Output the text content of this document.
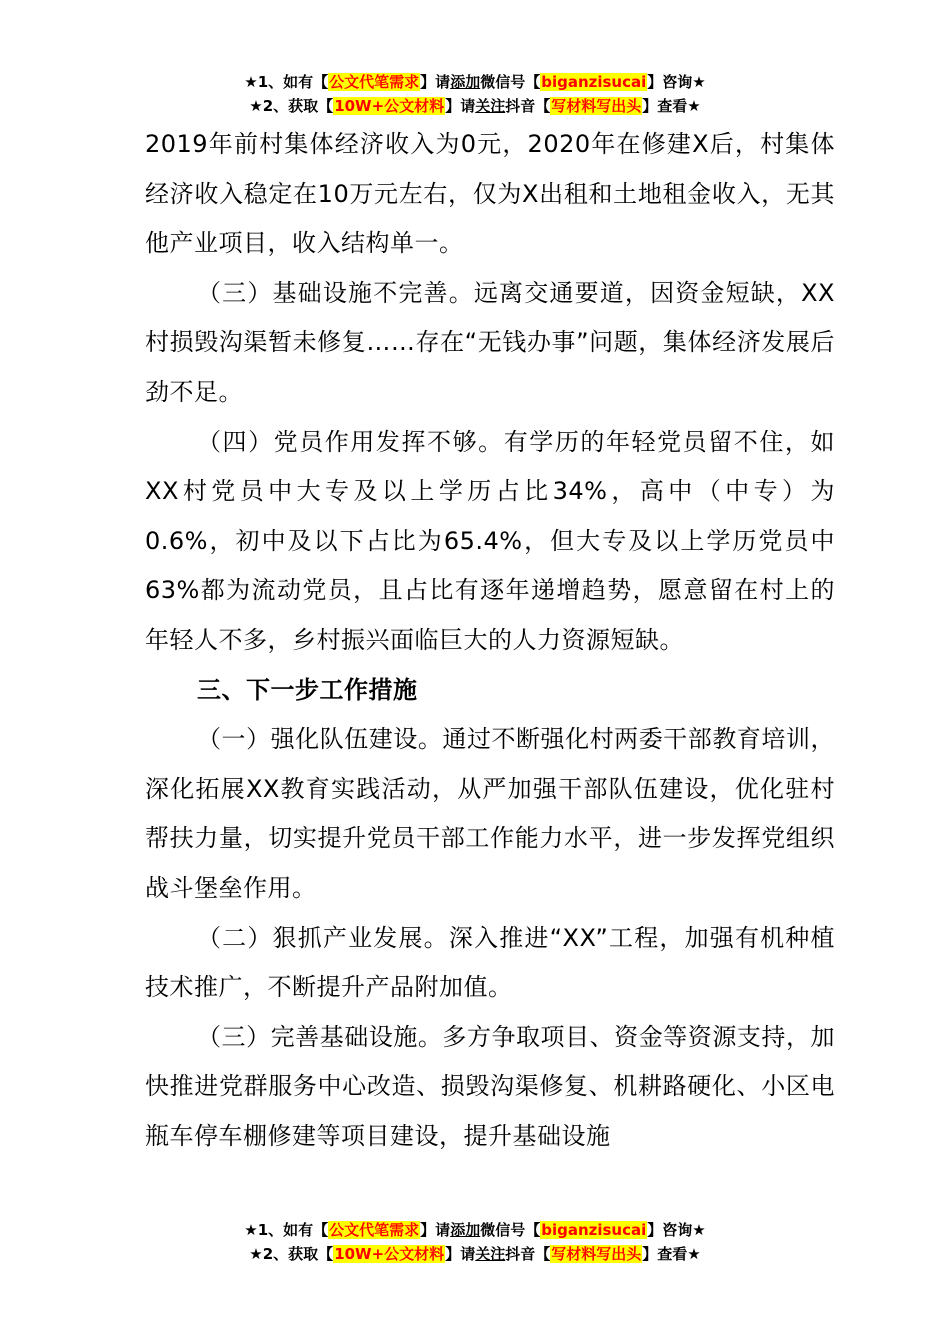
★1、如有【公文代笔需求】请添加微信号【biganzisucai】咨询★
★2、获取【10W+公文材料】请关注抖音【写材料写出头】查看★

2019年前村集体经济收入为0元，2020年在修建X后，村集体经济收入稳定在10万元左右，仅为X出租和土地租金收入，无其他产业项目，收入结构单一。

（三）基础设施不完善。远离交通要道，因资金短缺，XX村损毁沟渠暂未修复……存在“无钱办事”问题，集体经济发展后劲不足。

（四）党员作用发挥不够。有学历的年轻党员留不住，如XX村党员中大专及以上学历占比34%，高中（中专）为0.6%，初中及以下占比为65.4%，但大专及以上学历党员中63%都为流动党员，且占比有逐年递增趋势，愿意留在村上的年轻人不多，乡村振兴面临巨大的人力资源短缺。

三、下一步工作措施

（一）强化队伍建设。通过不断强化村两委干部教育培训，深化拓展XX教育实践活动，从严加强干部队伍建设，优化驻村帮扶力量，切实提升党员干部工作能力水平，进一步发挥党组织战斗堡垒作用。

（二）狠抓产业发展。深入推进“XX”工程，加强有机种植技术推广，不断提升产品附加值。

（三）完善基础设施。多方争取项目、资金等资源支持，加快推进党群服务中心改造、损毁沟渠修复、机耕路硬化、小区电瓶车停车棚修建等项目建设，提升基础设施

★1、如有【公文代笔需求】请添加微信号【biganzisucai】咨询★
★2、获取【10W+公文材料】请关注抖音【写材料写出头】查看★
